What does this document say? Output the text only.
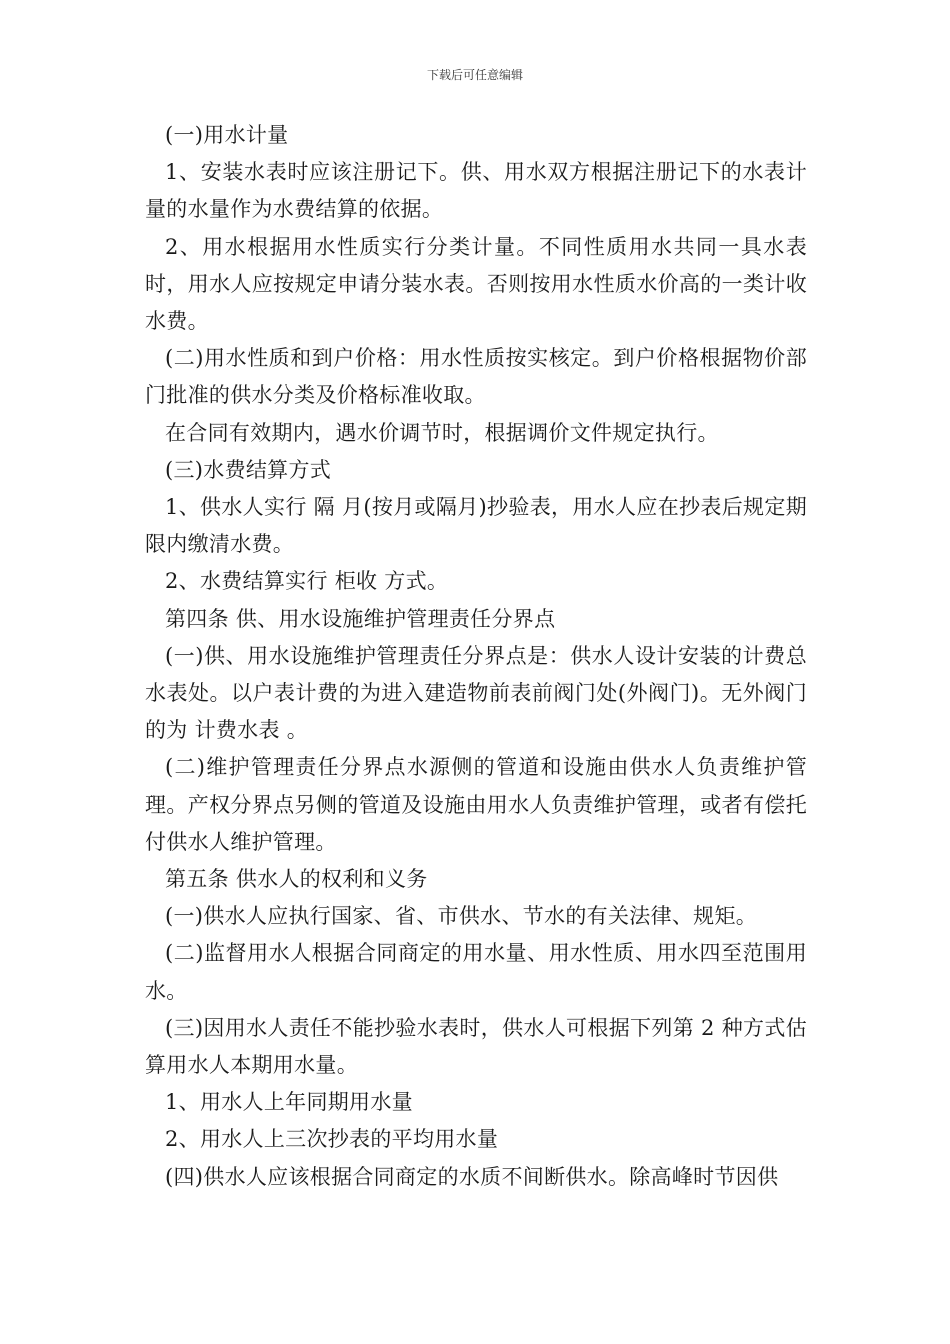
下载后可任意编辑

(一)用水计量

1、安装水表时应该注册记下。供、用水双方根据注册记下的水表计量的水量作为水费结算的依据。

2、用水根据用水性质实行分类计量。不同性质用水共同一具水表时，用水人应按规定申请分装水表。否则按用水性质水价高的一类计收水费。

(二)用水性质和到户价格：用水性质按实核定。到户价格根据物价部门批准的供水分类及价格标准收取。

在合同有效期内，遇水价调节时，根据调价文件规定执行。

(三)水费结算方式

1、供水人实行 隔 月(按月或隔月)抄验表，用水人应在抄表后规定期限内缴清水费。

2、水费结算实行 柜收 方式。

第四条 供、用水设施维护管理责任分界点

(一)供、用水设施维护管理责任分界点是：供水人设计安装的计费总水表处。以户表计费的为进入建造物前表前阀门处(外阀门)。无外阀门的为 计费水表 。

(二)维护管理责任分界点水源侧的管道和设施由供水人负责维护管理。产权分界点另侧的管道及设施由用水人负责维护管理，或者有偿托付供水人维护管理。

第五条 供水人的权利和义务

(一)供水人应执行国家、省、市供水、节水的有关法律、规矩。

(二)监督用水人根据合同商定的用水量、用水性质、用水四至范围用水。

(三)因用水人责任不能抄验水表时，供水人可根据下列第 2 种方式估算用水人本期用水量。

1、用水人上年同期用水量

2、用水人上三次抄表的平均用水量

(四)供水人应该根据合同商定的水质不间断供水。除高峰时节因供
